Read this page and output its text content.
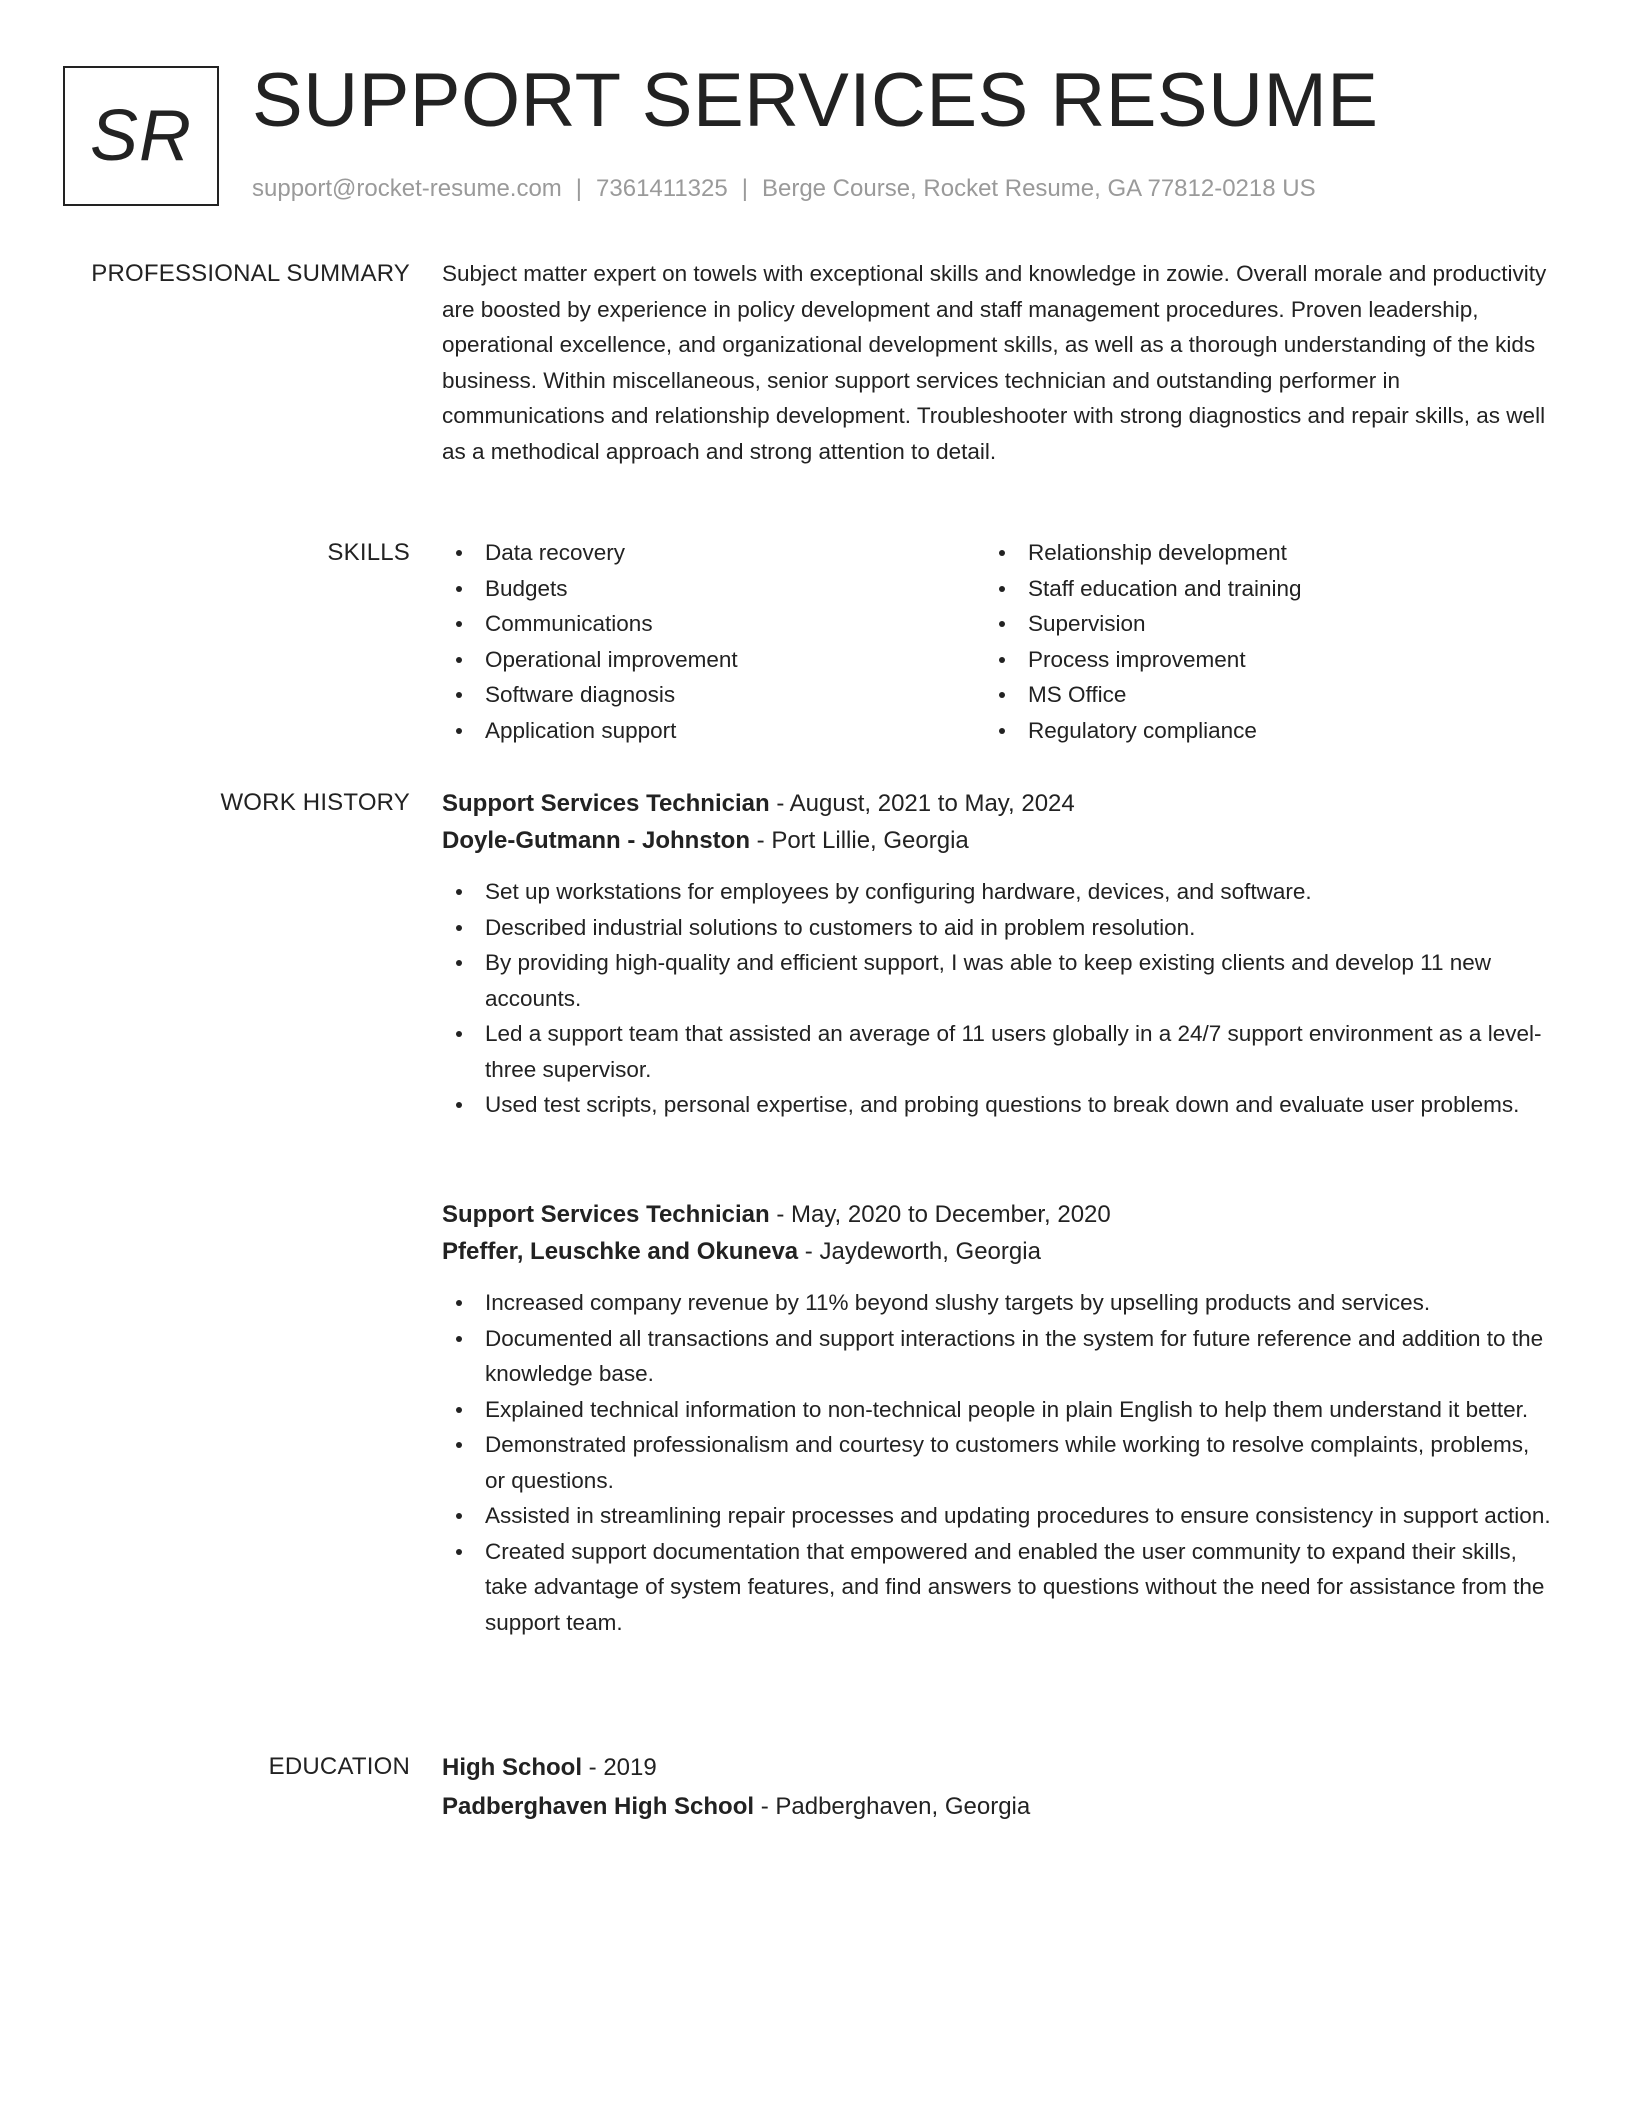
SR SUPPORT SERVICES RESUME
support@rocket-resume.com | 7361411325 | Berge Course, Rocket Resume, GA 77812-0218 US
PROFESSIONAL SUMMARY Subject matter expert on towels with exceptional skills and knowledge in zowie. Overall morale and productivity are boosted by experience in policy development and staff management procedures. Proven leadership, operational excellence, and organizational development skills, as well as a thorough understanding of the kids business. Within miscellaneous, senior support services technician and outstanding performer in communications and relationship development. Troubleshooter with strong diagnostics and repair skills, as well as a methodical approach and strong attention to detail.

SKILLS	Data recovery
Budgets
Communications
Operational improvement
Software diagnosis
Application support
Relationship development
Staff education and training
Supervision
Process improvement
MS Office
Regulatory compliance
WORK HISTORY Support Services Technician - August, 2021 to May, 2024
Doyle-Gutmann - Johnston - Port Lillie, Georgia
Set up workstations for employees by configuring hardware, devices, and software.
Described industrial solutions to customers to aid in problem resolution.
By providing high-quality and efficient support, I was able to keep existing clients and develop 11 new accounts.
Led a support team that assisted an average of 11 users globally in a 24/7 support environment as a level-three supervisor.
Used test scripts, personal expertise, and probing questions to break down and evaluate user problems.
Support Services Technician - May, 2020 to December, 2020
Pfeffer, Leuschke and Okuneva - Jaydeworth, Georgia
Increased company revenue by 11% beyond slushy targets by upselling products and services.
Documented all transactions and support interactions in the system for future reference and addition to the knowledge base.
Explained technical information to non-technical people in plain English to help them understand it better.
Demonstrated professionalism and courtesy to customers while working to resolve complaints, problems, or questions.
Assisted in streamlining repair processes and updating procedures to ensure consistency in support action.
Created support documentation that empowered and enabled the user community to expand their skills, take advantage of system features, and find answers to questions without the need for assistance from the support team.
EDUCATION High School - 2019
Padberghaven High School - Padberghaven, Georgia
